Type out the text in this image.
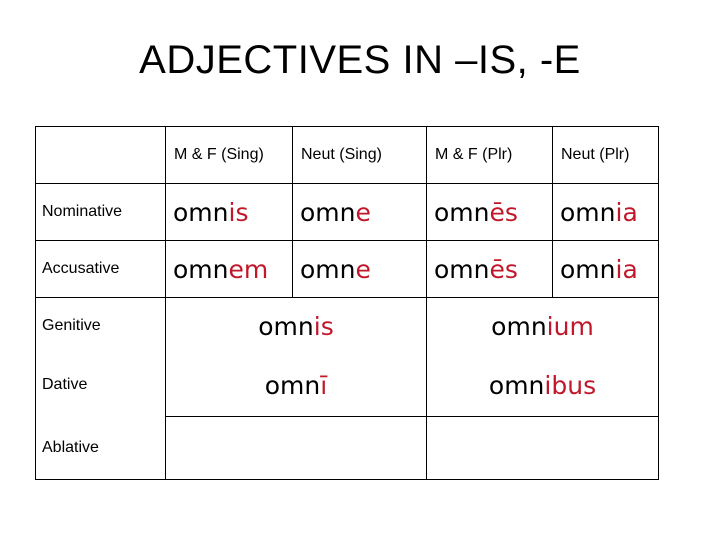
ADJECTIVES IN –IS, -E
	M & F (Sing)	Neut (Sing)	M & F (Plr)	Neut (Plr)
Nominative	omnis	omne	omnēs	omnia
Accusative	omnem	omne	omnēs	omnia
Genitive	omnis		omnium	
Dative	omnī		omnibus	
Ablative				
